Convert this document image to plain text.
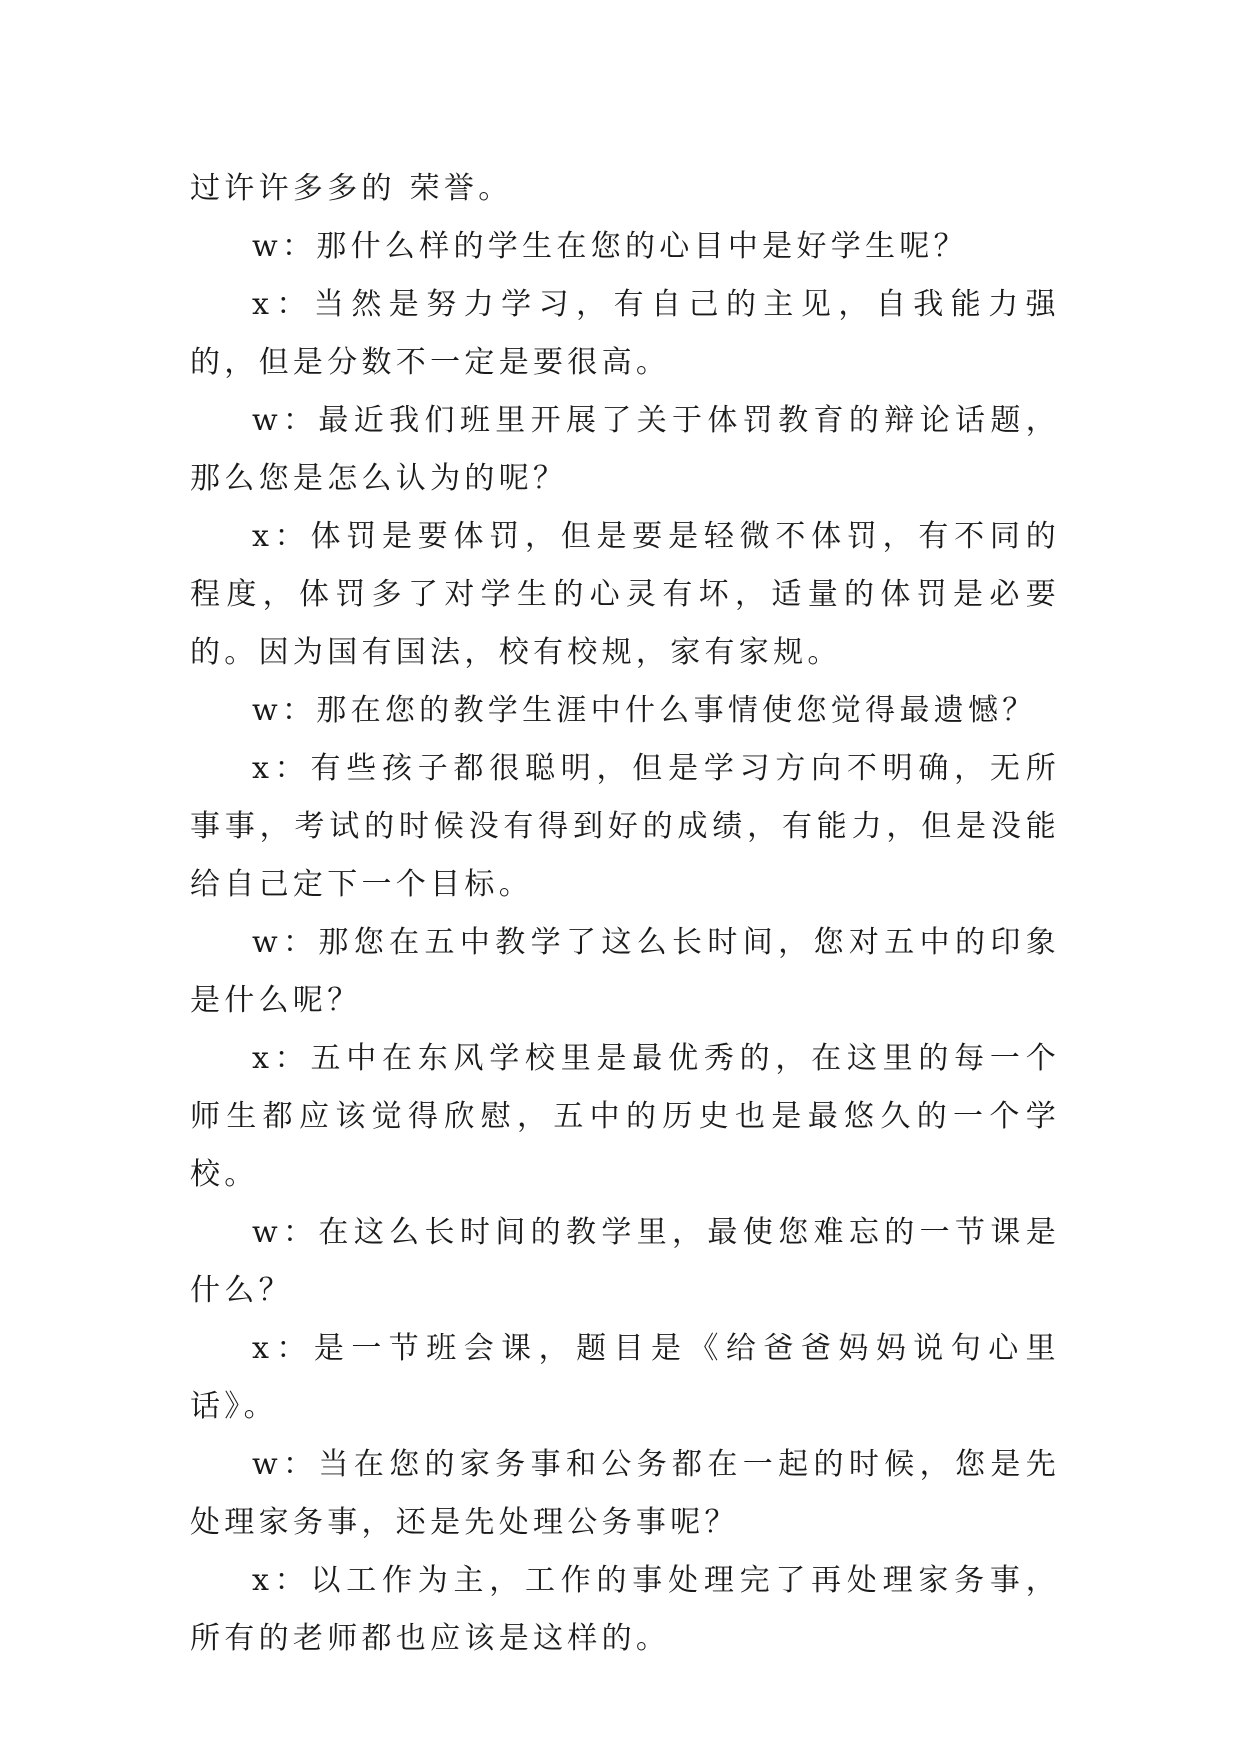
过许许多多的 荣誉。

w：那什么样的学生在您的心目中是好学生呢？

x：当然是努力学习，有自己的主见，自我能力强的，但是分数不一定是要很高。

w：最近我们班里开展了关于体罚教育的辩论话题，那么您是怎么认为的呢？

x：体罚是要体罚，但是要是轻微不体罚，有不同的程度，体罚多了对学生的心灵有坏，适量的体罚是必要的。因为国有国法，校有校规，家有家规。

w：那在您的教学生涯中什么事情使您觉得最遗憾？

x：有些孩子都很聪明，但是学习方向不明确，无所事事，考试的时候没有得到好的成绩，有能力，但是没能给自己定下一个目标。

w：那您在五中教学了这么长时间，您对五中的印象是什么呢？

x：五中在东风学校里是最优秀的，在这里的每一个师生都应该觉得欣慰，五中的历史也是最悠久的一个学校。

w：在这么长时间的教学里，最使您难忘的一节课是什么？

x：是一节班会课，题目是《给爸爸妈妈说句心里话》。

w：当在您的家务事和公务都在一起的时候，您是先处理家务事，还是先处理公务事呢？

x：以工作为主，工作的事处理完了再处理家务事，所有的老师都也应该是这样的。
